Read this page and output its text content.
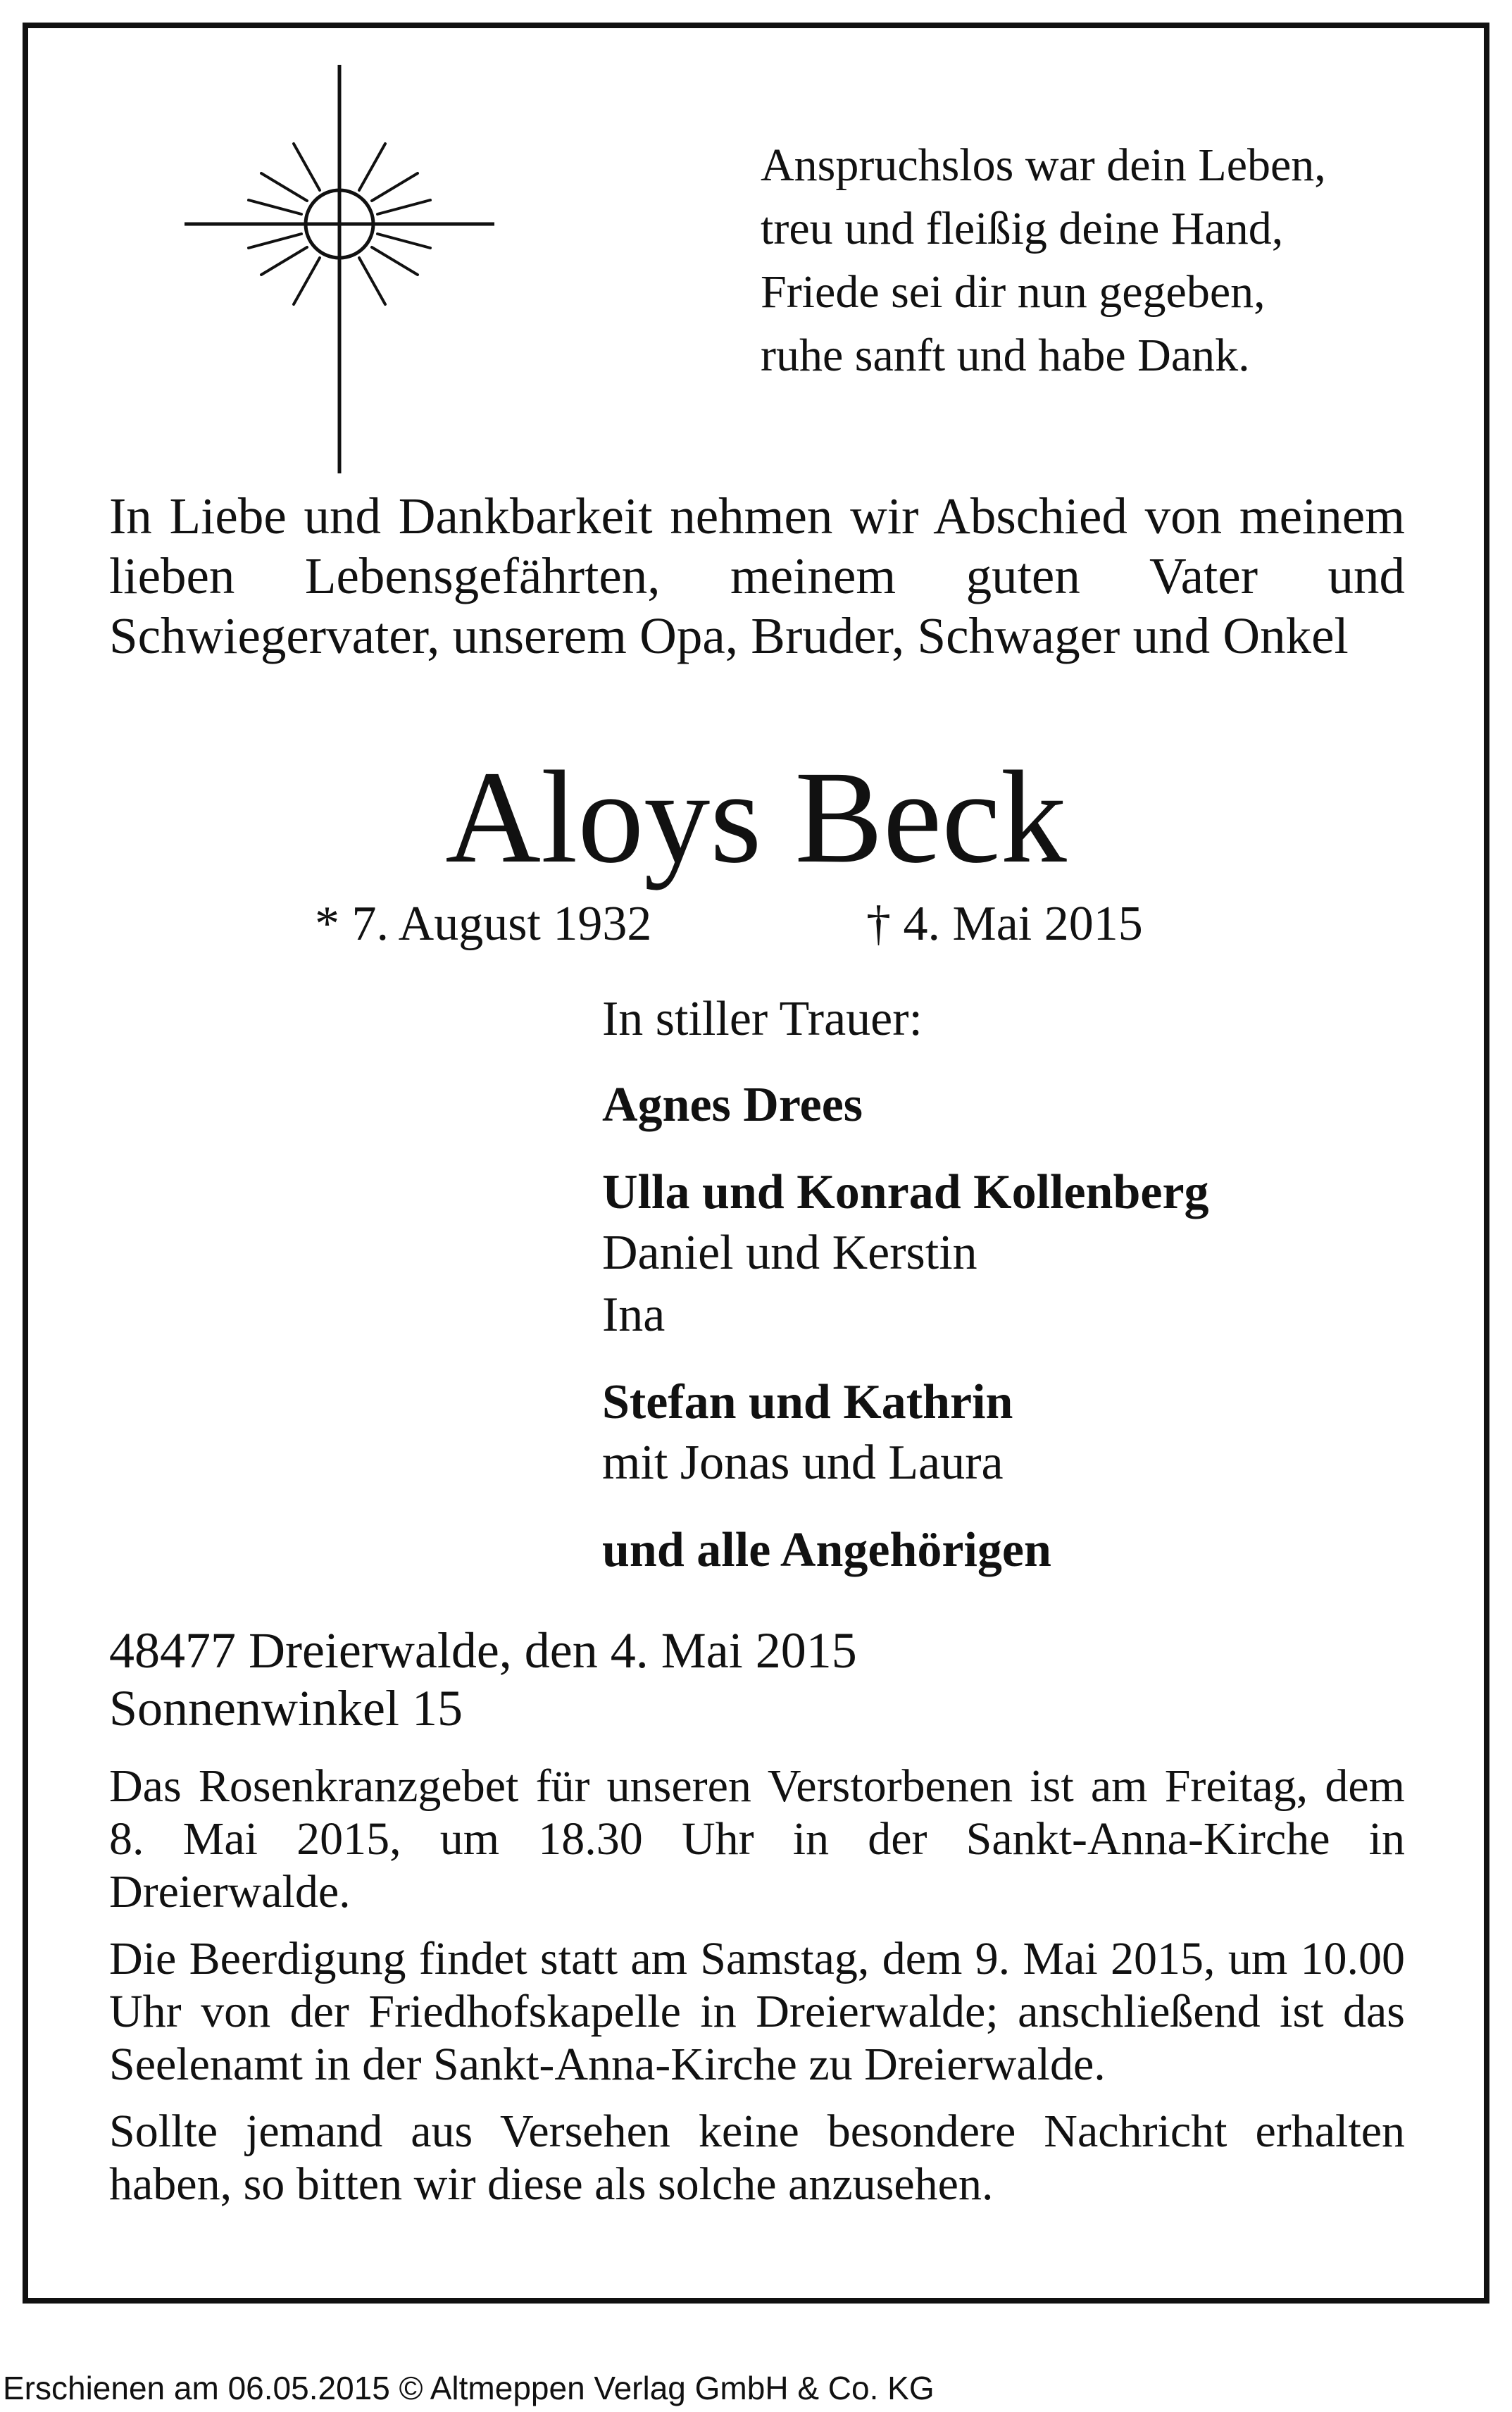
Anspruchslos war dein Leben,
treu und fleißig deine Hand,
Friede sei dir nun gegeben,
ruhe sanft und habe Dank.
In Liebe und Dankbarkeit nehmen wir Abschied von meinem lieben Lebensgefährten, meinem guten Vater und Schwiegervater, unserem Opa, Bruder, Schwager und Onkel
Aloys Beck
* 7. August 1932	† 4. Mai 2015
In stiller Trauer:
Agnes Drees
Ulla und Konrad Kollenberg
Daniel und Kerstin
Ina
Stefan und Kathrin
mit Jonas und Laura
und alle Angehörigen
48477 Dreierwalde, den 4. Mai 2015
Sonnenwinkel 15

Das Rosenkranzgebet für unseren Verstorbenen ist am Freitag, dem 8. Mai 2015, um 18.30 Uhr in der Sankt-Anna-Kirche in Dreierwalde.

Die Beerdigung findet statt am Samstag, dem 9. Mai 2015, um 10.00 Uhr von der Friedhofskapelle in Dreierwalde; anschließend ist das Seelenamt in der Sankt-Anna-Kirche zu Dreierwalde.

Sollte jemand aus Versehen keine besondere Nachricht erhalten haben, so bitten wir diese als solche anzusehen.

Erschienen am 06.05.2015 © Altmeppen Verlag GmbH & Co. KG
